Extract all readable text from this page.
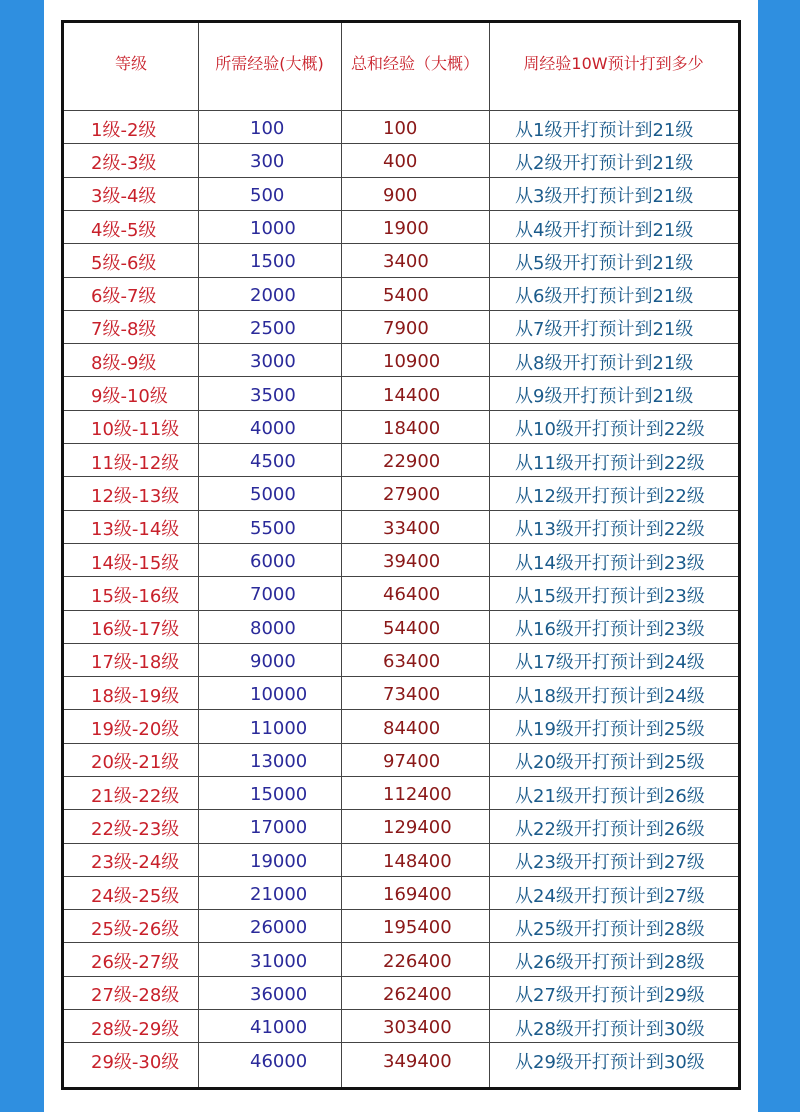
等级	所需经验(大概)	总和经验（大概）	周经验10W预计打到多少
1级-2级	100	100	从1级开打预计到21级
2级-3级	300	400	从2级开打预计到21级
3级-4级	500	900	从3级开打预计到21级
4级-5级	1000	1900	从4级开打预计到21级
5级-6级	1500	3400	从5级开打预计到21级
6级-7级	2000	5400	从6级开打预计到21级
7级-8级	2500	7900	从7级开打预计到21级
8级-9级	3000	10900	从8级开打预计到21级
9级-10级	3500	14400	从9级开打预计到21级
10级-11级	4000	18400	从10级开打预计到22级
11级-12级	4500	22900	从11级开打预计到22级
12级-13级	5000	27900	从12级开打预计到22级
13级-14级	5500	33400	从13级开打预计到22级
14级-15级	6000	39400	从14级开打预计到23级
15级-16级	7000	46400	从15级开打预计到23级
16级-17级	8000	54400	从16级开打预计到23级
17级-18级	9000	63400	从17级开打预计到24级
18级-19级	10000	73400	从18级开打预计到24级
19级-20级	11000	84400	从19级开打预计到25级
20级-21级	13000	97400	从20级开打预计到25级
21级-22级	15000	112400	从21级开打预计到26级
22级-23级	17000	129400	从22级开打预计到26级
23级-24级	19000	148400	从23级开打预计到27级
24级-25级	21000	169400	从24级开打预计到27级
25级-26级	26000	195400	从25级开打预计到28级
26级-27级	31000	226400	从26级开打预计到28级
27级-28级	36000	262400	从27级开打预计到29级
28级-29级	41000	303400	从28级开打预计到30级
29级-30级	46000	349400	从29级开打预计到30级
